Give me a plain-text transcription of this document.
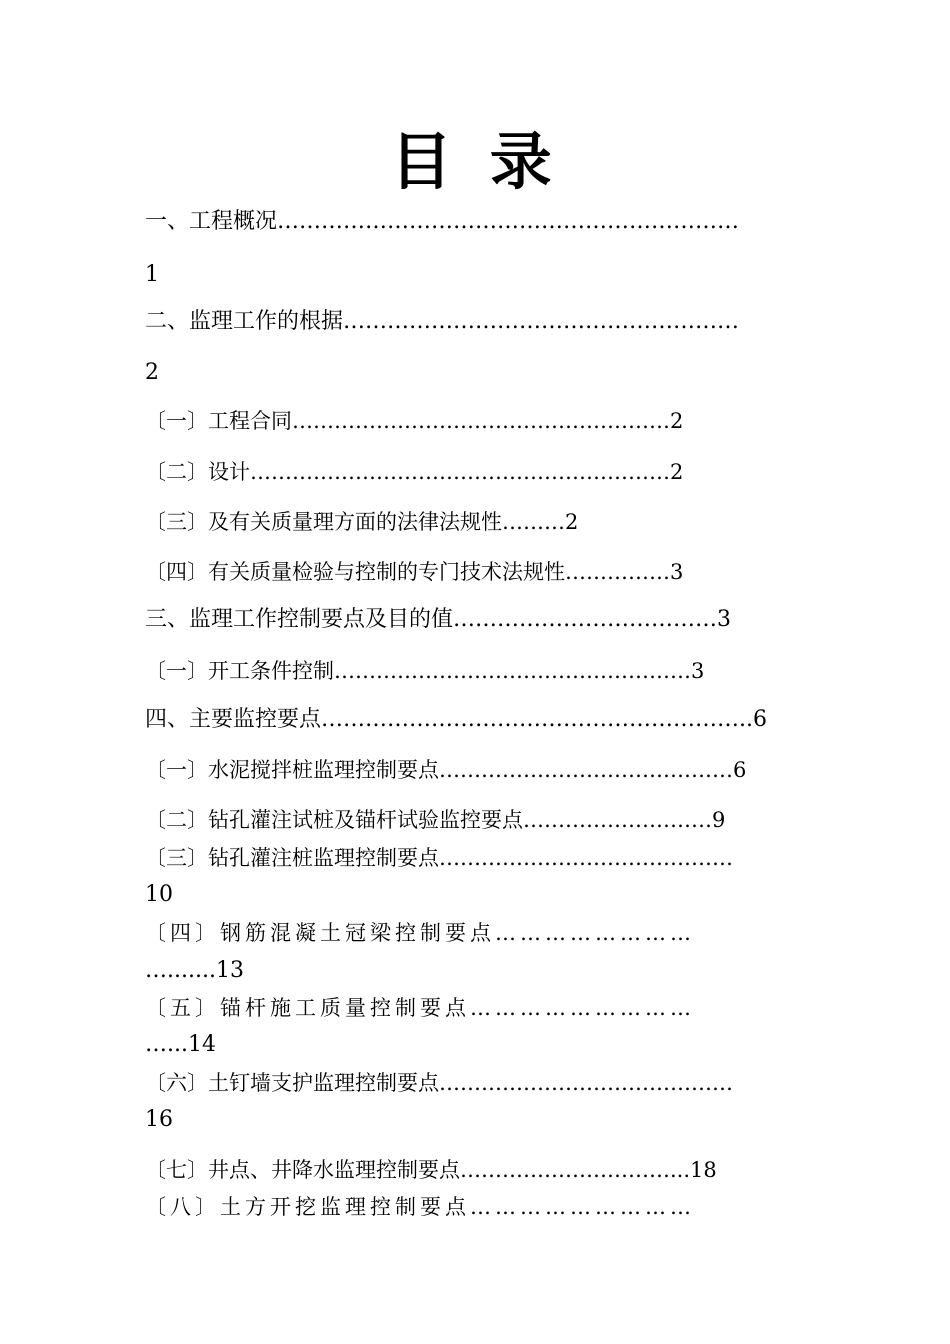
目 录
一、工程概况………………………………………………………
1
二、监理工作的根据………………………………………………
2
〔一〕工程合同………………………………………………2
〔二〕设计……………………………………………………2
〔三〕及有关质量理方面的法律法规性………2
〔四〕有关质量检验与控制的专门技术法规性……………3
三、监理工作控制要点及目的值………………………………3
〔一〕开工条件控制……………………………………………3
四、主要监控要点…………………………………………………..6
〔一〕水泥搅拌桩监理控制要点……………………………………6
〔二〕钻孔灌注试桩及锚杆试验监控要点………………………9
〔三〕钻孔灌注桩监理控制要点……………………………………
10
〔四〕钢筋混凝土冠梁控制要点……………………
….......13
〔五〕锚杆施工质量控制要点………………………
…...14
〔六〕土钉墙支护监理控制要点……………………………………
16
〔七〕井点、井降水监理控制要点…………………………...18
〔八〕土方开挖监理控制要点………………………
